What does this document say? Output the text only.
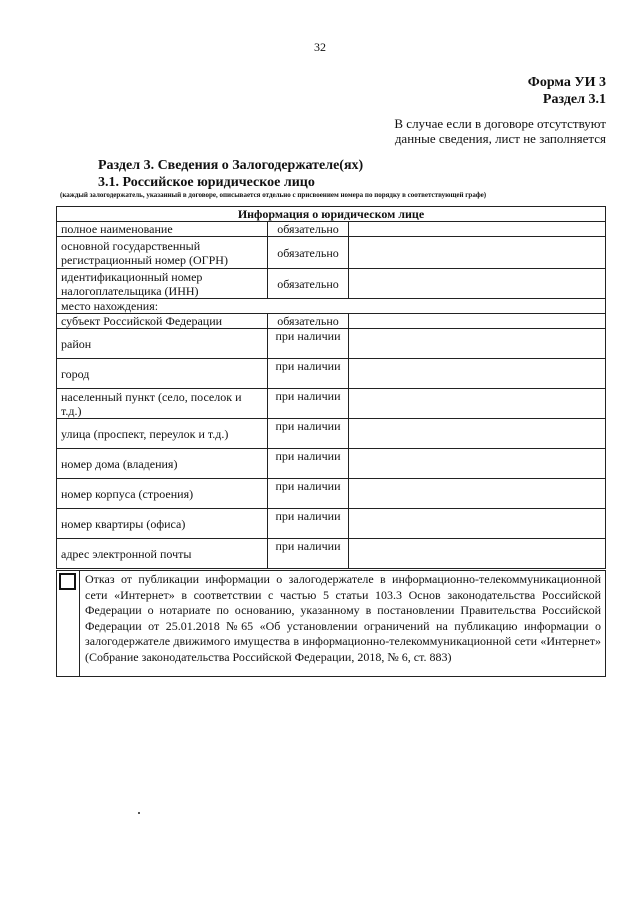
32
Форма УИ 3
Раздел 3.1
В случае если в договоре отсутствуют
данные сведения, лист не заполняется
Раздел 3. Сведения о Залогодержателе(ях)
3.1. Российское юридическое лицо
(каждый залогодержатель, указанный в договоре, описывается отдельно с присвоением номера по порядку в соответствующей графе)
Информация о юридическом лице		
полное наименование	обязательно	
основной государственный регистрационный номер (ОГРН)	обязательно	
идентификационный номер налогоплательщика (ИНН)	обязательно	
место нахождения:		
субъект Российской Федерации	обязательно	
район	при наличии	
город	при наличии	
населенный пункт (село, поселок и т.д.)	при наличии	
улица (проспект, переулок и т.д.)	при наличии	
номер дома (владения)	при наличии	
номер корпуса (строения)	при наличии	
номер квартиры (офиса)	при наличии	
адрес электронной почты	при наличии	
Отказ от публикации информации о залогодержателе в информационно-телекоммуникационной сети «Интернет» в соответствии с частью 5 статьи 103.3 Основ законодательства Российской Федерации о нотариате по основанию, указанному в постановлении Правительства Российской Федерации от 25.01.2018 №65 «Об установлении ограничений на публикацию информации о залогодержателе движимого имущества в информационно-телекоммуникационной сети «Интернет» (Собрание законодательства Российской Федерации, 2018, № 6, ст. 883)
